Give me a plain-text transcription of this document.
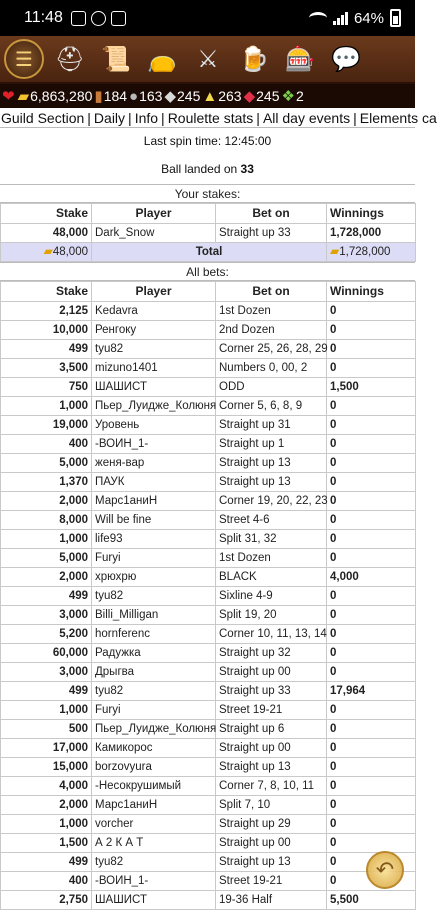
11:48	64%
☰ ⛑ 📜 👝 ⚔ 🍺 🎰 💬
❤ ▰ 6,863,280 ▮ 184 ● 163 ◆ 245 ▲ 263 ◆ 245 ❖ 2
Guild Section | Daily | Info | Roulette stats | All day events | Elements ca
Last spin time: 12:45:00
Ball landed on 33
Your stakes:
Stake	Player	Bet on	Winnings
48,000	Dark_Snow	Straight up 33	1,728,000
▰48,000	Total		▰1,728,000
All bets:
Stake	Player	Bet on	Winnings
2,125	Kedavra	1st Dozen	0
10,000	Ренгоку	2nd Dozen	0
499	tyu82	Corner 25, 26, 28, 29	0
3,500	mizuno1401	Numbers 0, 00, 2	0
750	ШАШИСТ	ODD	1,500
1,000	Пьер_Луидже_Колюня	Corner 5, 6, 8, 9	0
19,000	Уровень	Straight up 31	0
400	-ВОИН_1-	Straight up 1	0
5,000	женя-вар	Straight up 13	0
1,370	ПАУК	Straight up 13	0
2,000	Марс1аниН	Corner 19, 20, 22, 23	0
8,000	Will be fine	Street 4-6	0
1,000	life93	Split 31, 32	0
5,000	Furyi	1st Dozen	0
2,000	хрюхрю	BLACK	4,000
499	tyu82	Sixline 4-9	0
3,000	Billi_Milligan	Split 19, 20	0
5,200	hornferenc	Corner 10, 11, 13, 14	0
60,000	Радужка	Straight up 32	0
3,000	Дрыгва	Straight up 00	0
499	tyu82	Straight up 33	17,964
1,000	Furyi	Street 19-21	0
500	Пьер_Луидже_Колюня	Straight up 6	0
17,000	Камикорос	Straight up 00	0
15,000	borzovyura	Straight up 13	0
4,000	-Несокрушимый	Corner 7, 8, 10, 11	0
2,000	Марс1аниН	Split 7, 10	0
1,000	vorcher	Straight up 29	0
1,500	А 2 К А Т	Straight up 00	0
499	tyu82	Straight up 13	0
400	-ВОИН_1-	Street 19-21	0
2,750	ШАШИСТ	19-36 Half	5,500
↶
